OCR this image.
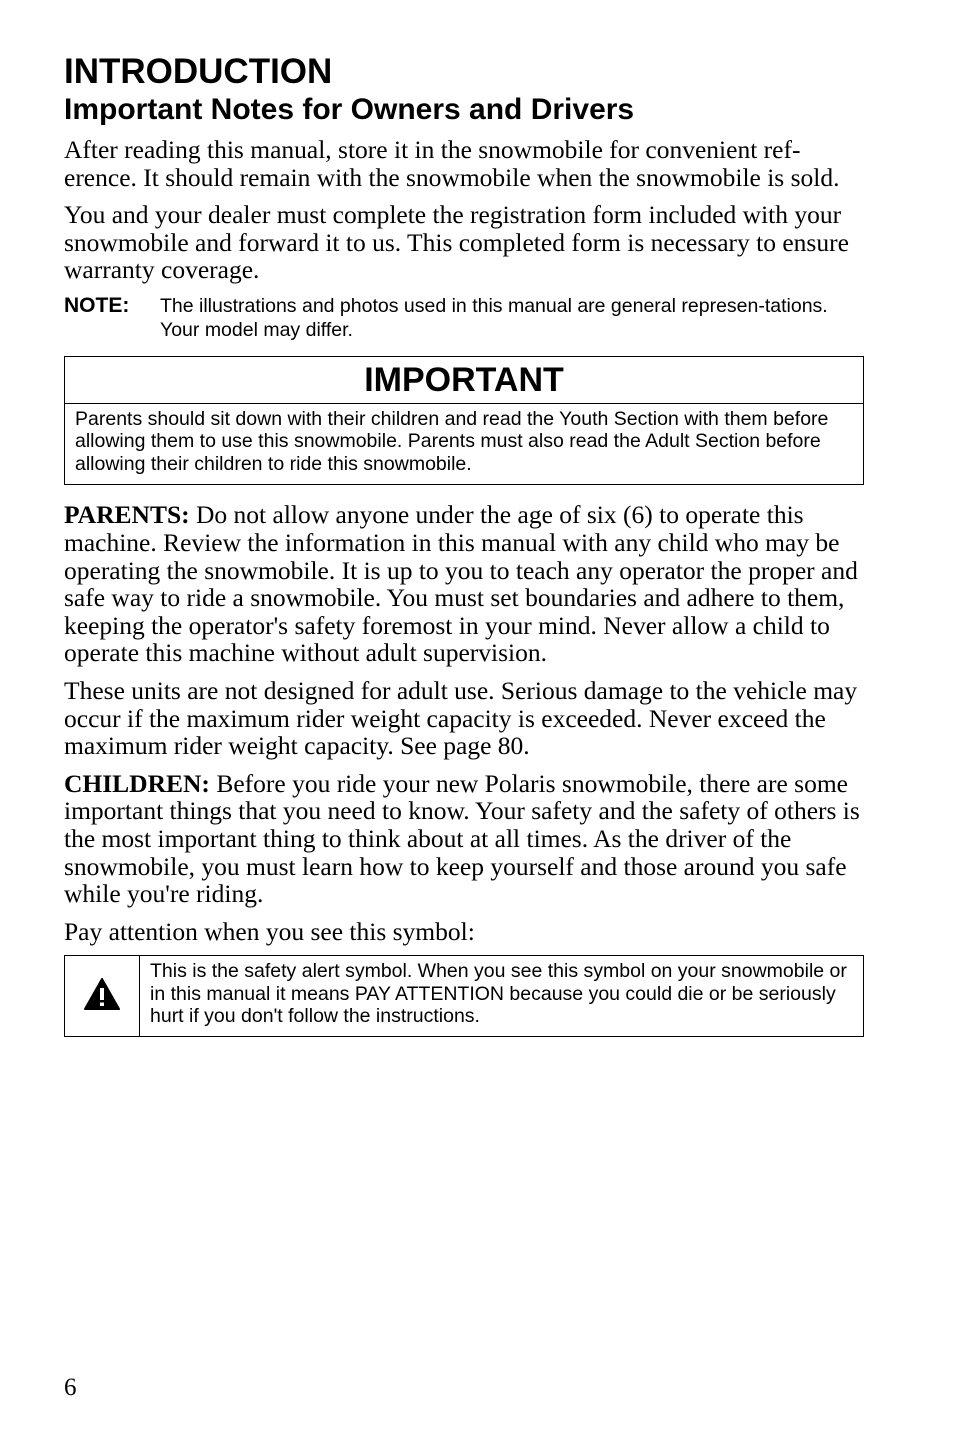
INTRODUCTION
Important Notes for Owners and Drivers

After reading this manual, store it in the snowmobile for convenient ref-erence. It should remain with the snowmobile when the snowmobile is sold.

You and your dealer must complete the registration form included with your snowmobile and forward it to us. This completed form is necessary to ensure warranty coverage.

NOTE:	The illustrations and photos used in this manual are general represen-tations. Your model may differ.
IMPORTANT
Parents should sit down with their children and read the Youth Section with them before allowing them to use this snowmobile. Parents must also read the Adult Section before allowing their children to ride this snowmobile.

PARENTS: Do not allow anyone under the age of six (6) to operate this machine. Review the information in this manual with any child who may be operating the snowmobile. It is up to you to teach any operator the proper and safe way to ride a snowmobile. You must set boundaries and adhere to them, keeping the operator's safety foremost in your mind. Never allow a child to operate this machine without adult supervision.

These units are not designed for adult use. Serious damage to the vehicle may occur if the maximum rider weight capacity is exceeded. Never exceed the maximum rider weight capacity. See page 80.

CHILDREN: Before you ride your new Polaris snowmobile, there are some important things that you need to know. Your safety and the safety of others is the most important thing to think about at all times. As the driver of the snowmobile, you must learn how to keep yourself and those around you safe while you're riding.

Pay attention when you see this symbol:

This is the safety alert symbol. When you see this symbol on your snowmobile or in this manual it means PAY ATTENTION because you could die or be seriously hurt if you don't follow the instructions.
6
